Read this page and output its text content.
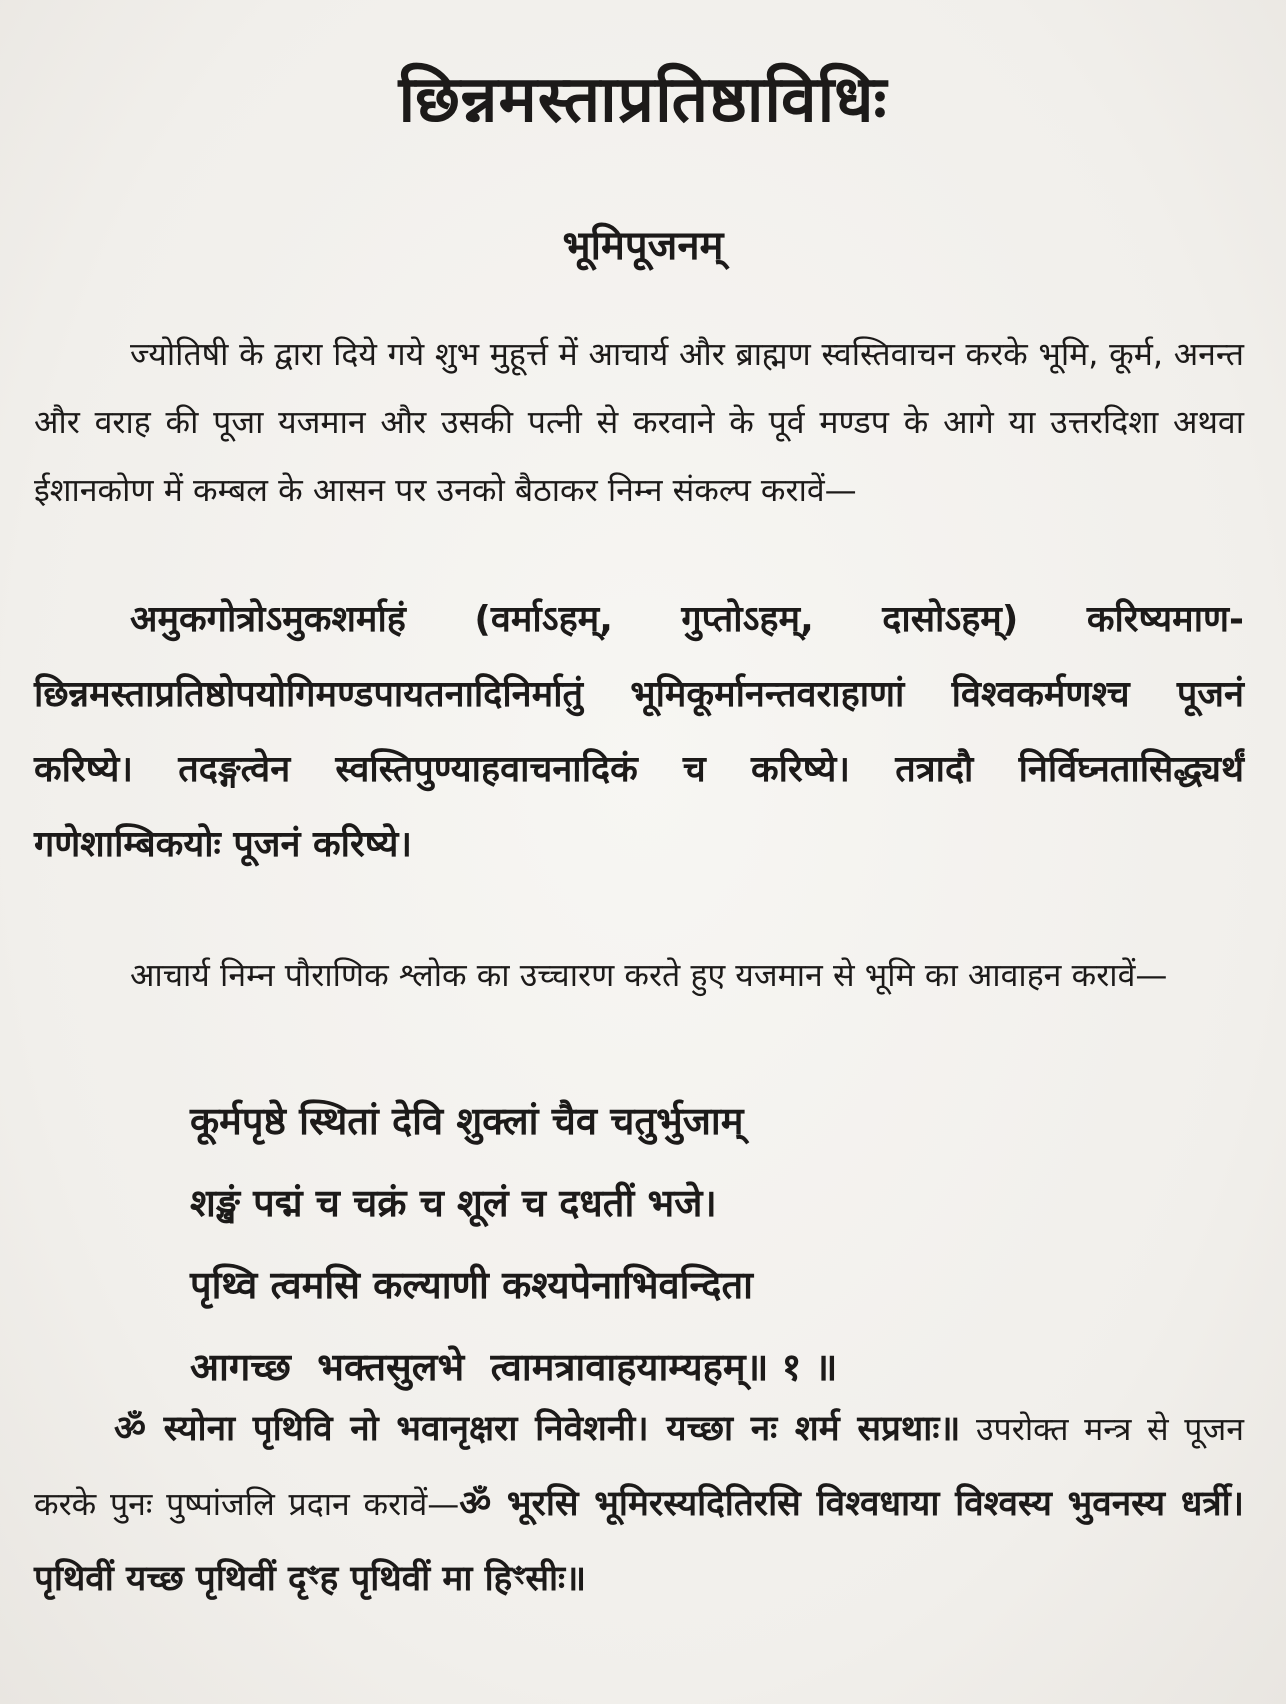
छिन्नमस्ताप्रतिष्ठाविधिः
भूमिपूजनम्

ज्योतिषी के द्वारा दिये गये शुभ मुहूर्त्त में आचार्य और ब्राह्मण स्वस्तिवाचन करके भूमि, कूर्म, अनन्त और वराह की पूजा यजमान और उसकी पत्नी से करवाने के पूर्व मण्डप के आगे या उत्तरदिशा अथवा ईशानकोण में कम्बल के आसन पर उनको बैठाकर निम्न संकल्प करावें—

अमुकगोत्रोऽमुकशर्माहं (वर्माऽहम्, गुप्तोऽहम्, दासोऽहम्) करिष्यमाण-छिन्नमस्ताप्रतिष्ठोपयोगिमण्डपायतनादिनिर्मातुं भूमिकूर्मानन्तवराहाणां विश्वकर्मणश्च पूजनं करिष्ये। तदङ्गत्वेन स्वस्तिपुण्याहवाचनादिकं च करिष्ये। तत्रादौ निर्विघ्नतासिद्ध्यर्थं गणेशाम्बिकयोः पूजनं करिष्ये।

आचार्य निम्न पौराणिक श्लोक का उच्चारण करते हुए यजमान से भूमि का आवाहन करावें—

कूर्मपृष्ठे स्थितां देवि शुक्लां चैव चतुर्भुजाम्
शङ्खं पद्मं च चक्रं च शूलं च दधतीं भजे।
पृथ्वि त्वमसि कल्याणी कश्यपेनाभिवन्दिता
आगच्छ  भक्तसुलभे  त्वामत्रावाहयाम्यहम्॥ १ ॥

ॐ स्योना पृथिवि नो भवानृक्षरा निवेशनी। यच्छा नः शर्म सप्रथाः॥ उपरोक्त मन्त्र से पूजन करके पुनः पुष्पांजलि प्रदान करावें—ॐ भूरसि भूमिरस्यदितिरसि विश्वधाया विश्वस्य भुवनस्य धर्त्री। पृथिवीं यच्छ पृथिवीं दृꣳह पृथिवीं मा हिꣳसीः॥
